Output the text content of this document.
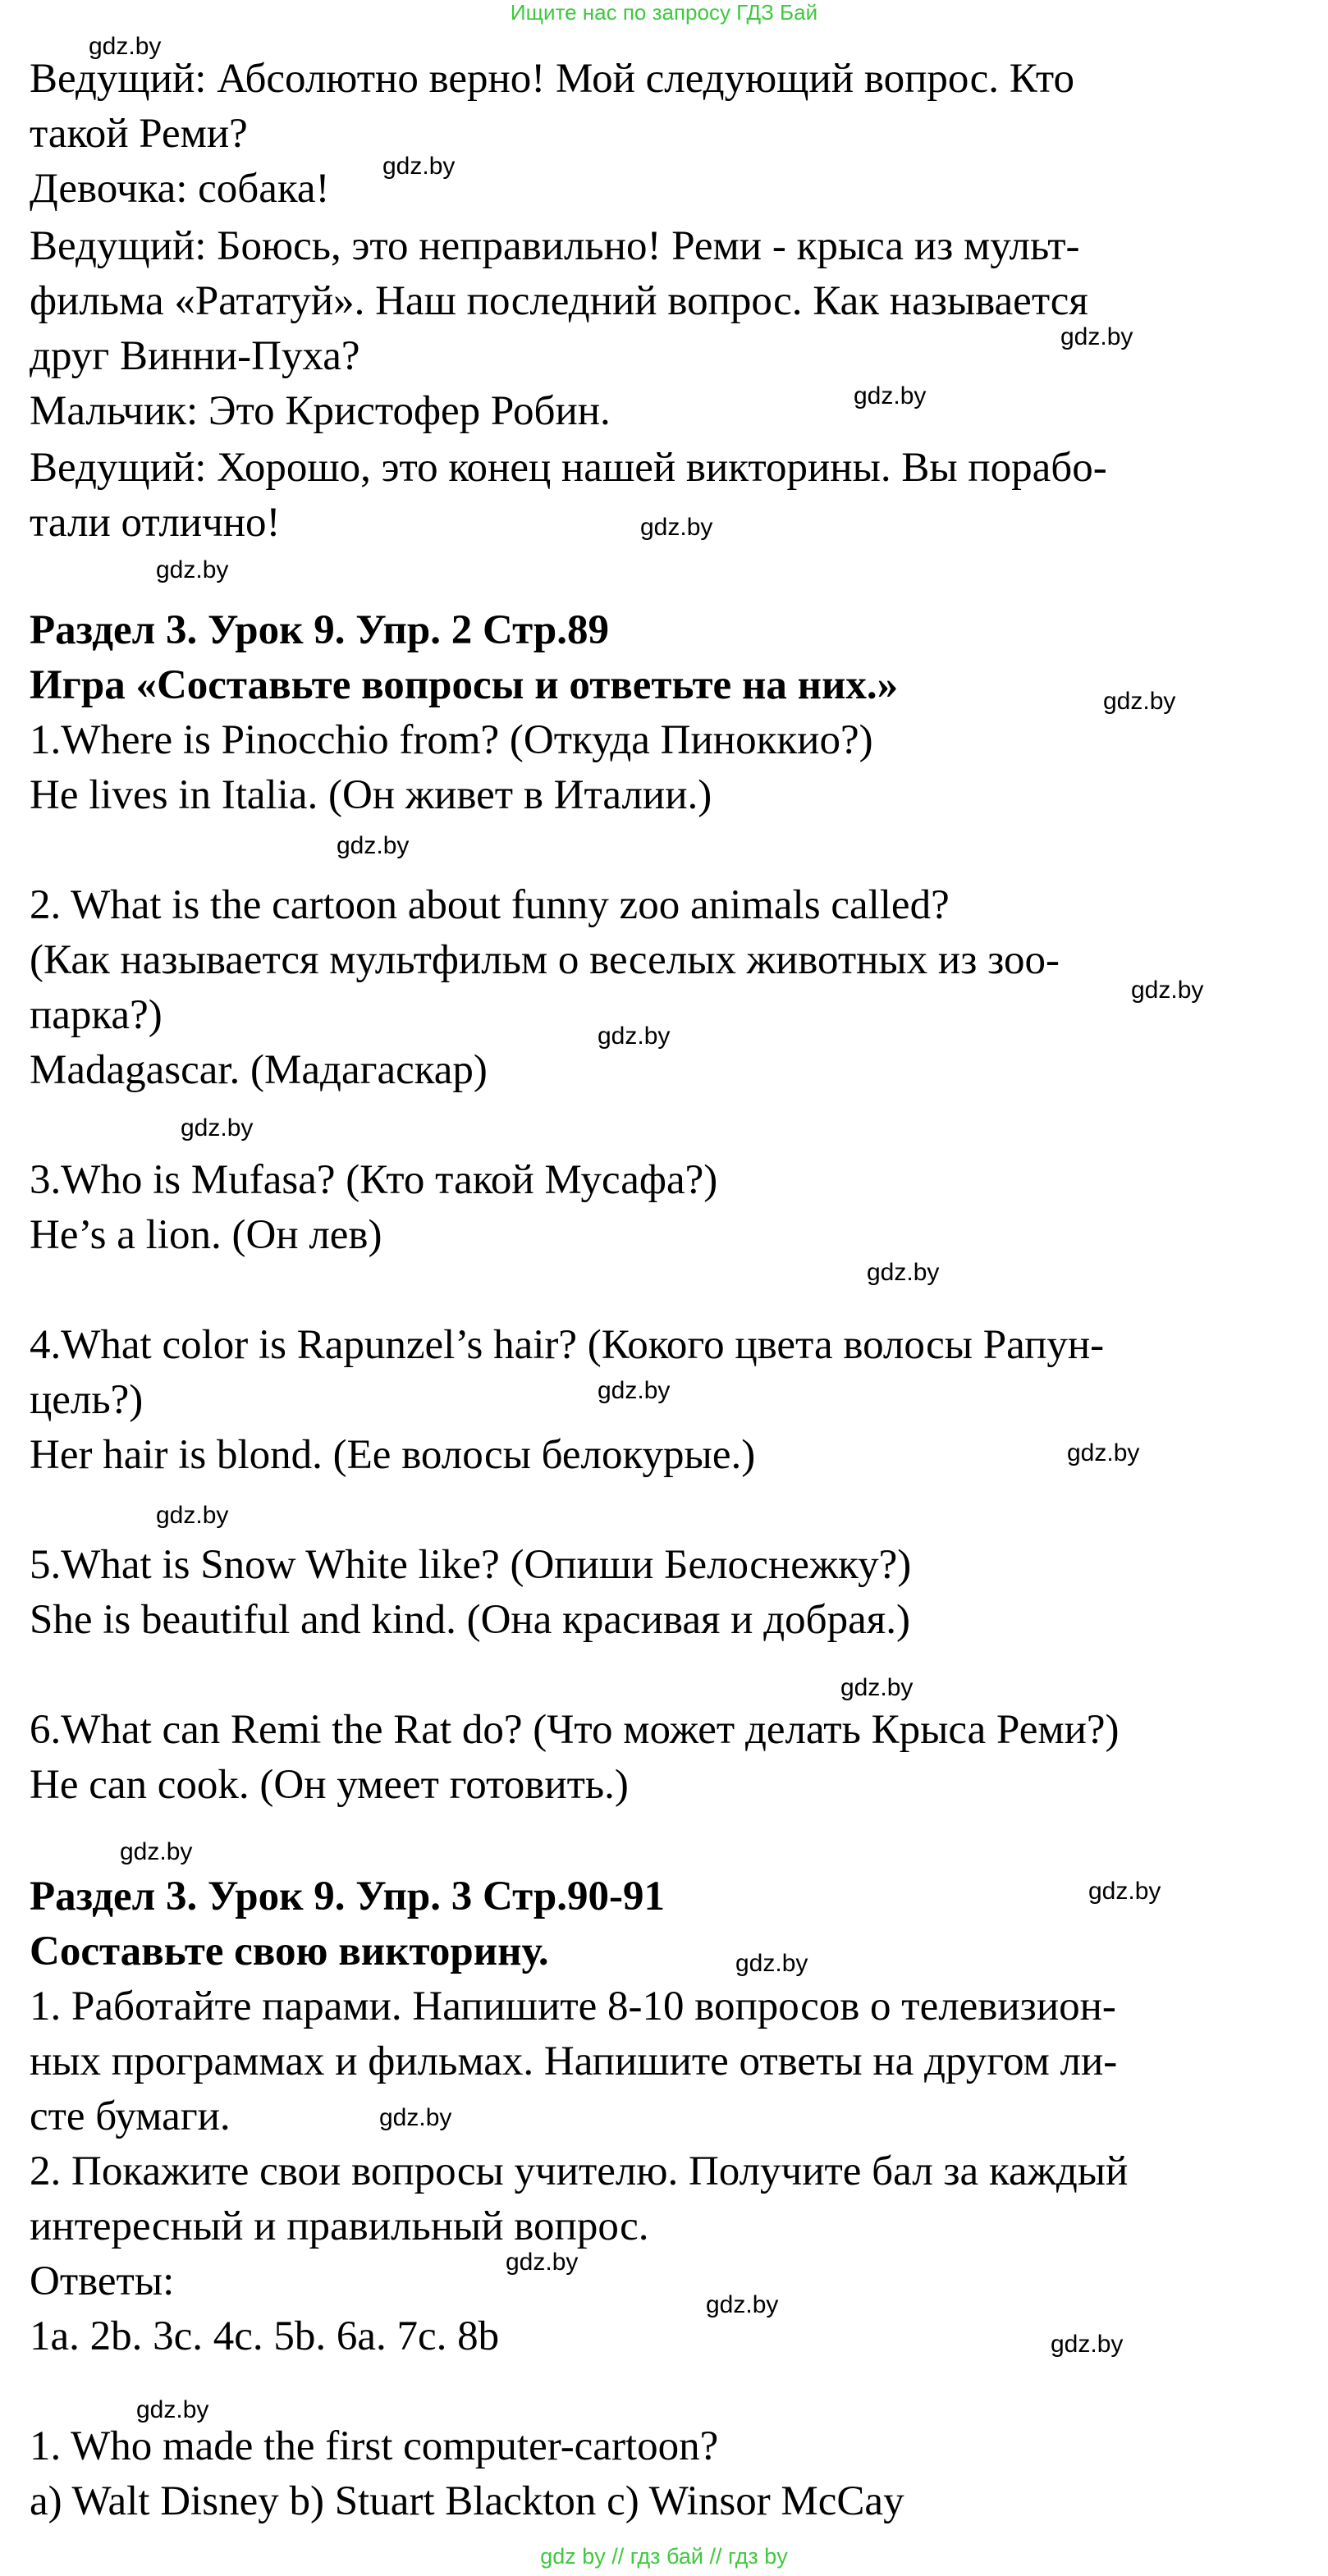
Ищите нас по запросу ГДЗ Бай
Ведущий: Абсолютно верно! Мой следующий вопрос. Кто
такой Реми?
Девочка: собака!
Ведущий: Боюсь, это неправильно! Реми - крыса из мульт-
фильма «Рататуй». Наш последний вопрос. Как называется
друг Винни-Пуха?
Мальчик: Это Кристофер Робин.
Ведущий: Хорошо, это конец нашей викторины. Вы порабо-
тали отлично!
Раздел 3. Урок 9. Упр. 2 Стр.89
Игра «Составьте вопросы и ответьте на них.»
1.Where is Pinocchio from? (Откуда Пиноккио?)
He lives in Italia. (Он живет в Италии.)
2. What is the cartoon about funny zoo animals called?
(Как называется мультфильм о веселых животных из зоо-
парка?)
Madagascar. (Мадагаскар)
3.Who is Mufasa? (Кто такой Мусафа?)
He’s a lion. (Он лев)
4.What color is Rapunzel’s hair? (Кокого цвета волосы Рапун-
цель?)
Her hair is blond. (Ее волосы белокурые.)
5.What is Snow White like? (Опиши Белоснежку?)
She is beautiful and kind. (Она красивая и добрая.)
6.What can Remi the Rat do? (Что может делать Крыса Реми?)
He can cook. (Он умеет готовить.)
Раздел 3. Урок 9. Упр. 3 Стр.90-91
Составьте свою викторину.
1. Работайте парами. Напишите 8-10 вопросов о телевизион-
ных программах и фильмах. Напишите ответы на другом ли-
сте бумаги.
2. Покажите свои вопросы учителю. Получите бал за каждый
интересный и правильный вопрос.
Ответы:
1a. 2b. 3c. 4c. 5b. 6a. 7c. 8b
1. Who made the first computer-cartoon?
a) Walt Disney b) Stuart Blackton c) Winsor McCay
gdz.by
gdz.by
gdz.by
gdz.by
gdz.by
gdz.by
gdz.by
gdz.by
gdz.by
gdz.by
gdz.by
gdz.by
gdz.by
gdz.by
gdz.by
gdz.by
gdz.by
gdz.by
gdz.by
gdz.by
gdz.by
gdz.by
gdz.by
gdz.by
gdz by // гдз бай // гдз by
